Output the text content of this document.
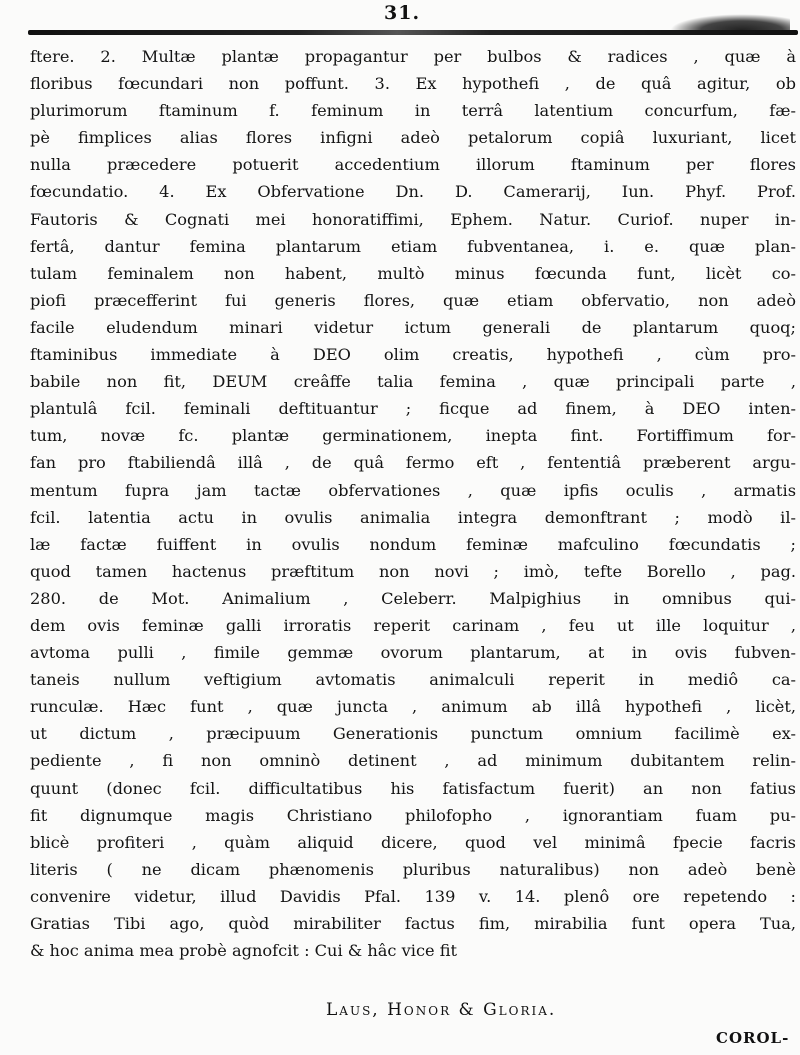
31.
ftere. 2. Multæ plantæ propagantur per bulbos & radices , quæ à
floribus fœcundari non poffunt. 3. Ex hypothefi , de quâ agitur, ob
plurimorum ftaminum f. feminum in terrâ latentium concurfum, fæ-
pè fimplices alias flores infigni adeò petalorum copiâ luxuriant, licet
nulla præcedere potuerit accedentium illorum ftaminum per flores
fœcundatio. 4. Ex Obfervatione Dn. D. Camerarij, Iun. Phyf. Prof.
Fautoris & Cognati mei honoratiffimi, Ephem. Natur. Curiof. nuper in-
fertâ, dantur femina plantarum etiam fubventanea, i. e. quæ plan-
tulam feminalem non habent, multò minus fœcunda funt, licèt co-
piofi præcefferint fui generis flores, quæ etiam obfervatio, non adeò
facile eludendum minari videtur ictum generali de plantarum quoq;
ftaminibus immediate à DEO olim creatis, hypothefi , cùm pro-
babile non fit, DEUM creâffe talia femina , quæ principali parte ,
plantulâ fcil. feminali deftituantur ; ficque ad finem, à DEO inten-
tum, novæ fc. plantæ germinationem, inepta fint. Fortiffimum for-
fan pro ftabiliendâ illâ , de quâ fermo eft , fententiâ præberent argu-
mentum fupra jam tactæ obfervationes , quæ ipfis oculis , armatis
fcil. latentia actu in ovulis animalia integra demonftrant ; modò il-
læ factæ fuiffent in ovulis nondum feminæ mafculino fœcundatis ;
quod tamen hactenus præftitum non novi ; imò, tefte Borello , pag.
280. de Mot. Animalium , Celeberr. Malpighius in omnibus qui-
dem ovis feminæ galli irroratis reperit carinam , feu ut ille loquitur ,
avtoma pulli , fimile gemmæ ovorum plantarum, at in ovis fubven-
taneis nullum veftigium avtomatis animalculi reperit in mediô ca-
runculæ. Hæc funt , quæ juncta , animum ab illâ hypothefi , licèt,
ut dictum , præcipuum Generationis punctum omnium facilimè ex-
pediente , fi non omninò detinent , ad minimum dubitantem relin-
quunt (donec fcil. difficultatibus his fatisfactum fuerit) an non fatius
fit dignumque magis Christiano philofopho , ignorantiam fuam pu-
blicè profiteri , quàm aliquid dicere, quod vel minimâ fpecie facris
literis ( ne dicam phænomenis pluribus naturalibus) non adeò benè
convenire videtur, illud Davidis Pfal. 139 v. 14. plenô ore repetendo :
Gratias Tibi ago, quòd mirabiliter factus fim, mirabilia funt opera Tua,
& hoc anima mea probè agnofcit : Cui & hâc vice fit
Laus, Honor & Gloria.
COROL-
